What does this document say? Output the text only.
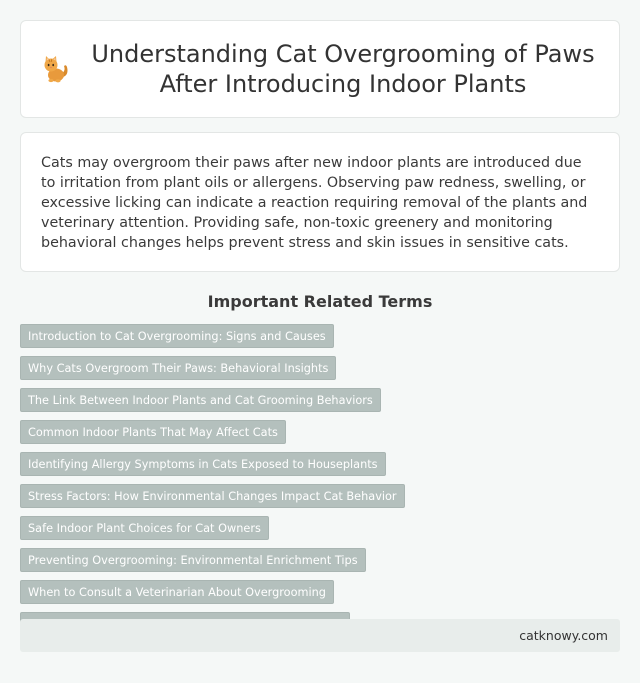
Understanding Cat Overgrooming of Paws After Introducing Indoor Plants

Cats may overgroom their paws after new indoor plants are introduced due to irritation from plant oils or allergens. Observing paw redness, swelling, or excessive licking can indicate a reaction requiring removal of the plants and veterinary attention. Providing safe, non-toxic greenery and monitoring behavioral changes helps prevent stress and skin issues in sensitive cats.

Important Related Terms
Introduction to Cat Overgrooming: Signs and Causes
Why Cats Overgroom Their Paws: Behavioral Insights
The Link Between Indoor Plants and Cat Grooming Behaviors
Common Indoor Plants That May Affect Cats
Identifying Allergy Symptoms in Cats Exposed to Houseplants
Stress Factors: How Environmental Changes Impact Cat Behavior
Safe Indoor Plant Choices for Cat Owners
Preventing Overgrooming: Environmental Enrichment Tips
When to Consult a Veterinarian About Overgrooming
catknowy.com
